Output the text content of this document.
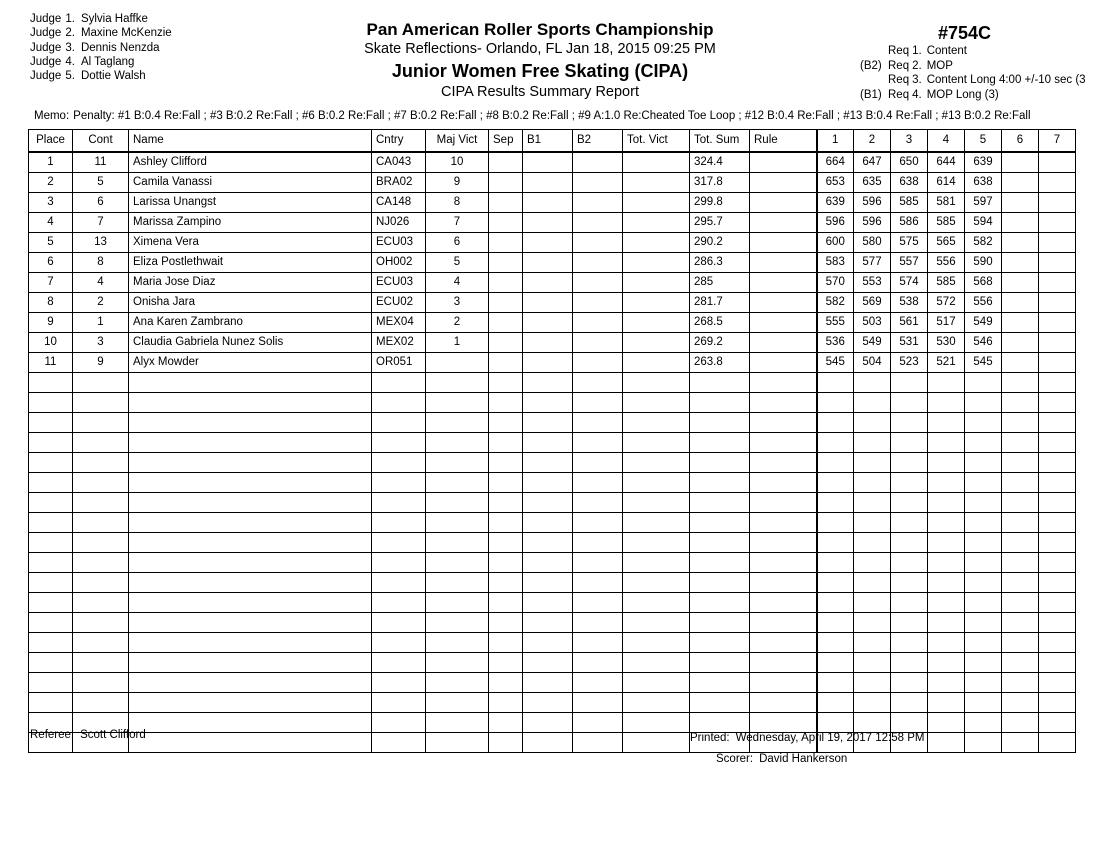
Judge 1. Sylvia Haffke
Judge 2. Maxine McKenzie
Judge 3. Dennis Nenzda
Judge 4. Al Taglang
Judge 5. Dottie Walsh
Pan American Roller Sports Championship
Skate Reflections- Orlando, FL Jan 18, 2015 09:25 PM
Junior Women Free Skating (CIPA)
CIPA Results Summary Report
#754C
Req 1. Content
(B2) Req 2. MOP
Req 3. Content Long 4:00 +/-10 sec (3
(B1) Req 4. MOP Long (3)
Memo: Penalty: #1 B:0.4 Re:Fall ; #3 B:0.2 Re:Fall ; #6 B:0.2 Re:Fall ; #7 B:0.2 Re:Fall ; #8 B:0.2 Re:Fall ; #9 A:1.0 Re:Cheated Toe Loop ; #12 B:0.4 Re:Fall ; #13 B:0.4 Re:Fall ; #13 B:0.2 Re:Fall
Place	Cont	Name	Cntry	Maj Vict	Sep	B1	B2	Tot. Vict	Tot. Sum	Rule	1	2	3	4	5	6	7
1	11	Ashley Clifford	CA043	10					324.4		664	647	650	644	639		
2	5	Camila Vanassi	BRA02	9					317.8		653	635	638	614	638		
3	6	Larissa Unangst	CA148	8					299.8		639	596	585	581	597		
4	7	Marissa Zampino	NJ026	7					295.7		596	596	586	585	594		
5	13	Ximena Vera	ECU03	6					290.2		600	580	575	565	582		
6	8	Eliza Postlethwait	OH002	5					286.3		583	577	557	556	590		
7	4	Maria Jose Diaz	ECU03	4					285		570	553	574	585	568		
8	2	Onisha Jara	ECU02	3					281.7		582	569	538	572	556		
9	1	Ana Karen Zambrano	MEX04	2					268.5		555	503	561	517	549		
10	3	Claudia Gabriela Nunez Solis	MEX02	1					269.2		536	549	531	530	546		
11	9	Alyx Mowder	OR051						263.8		545	504	523	521	545		

Referee: Scott Clifford	Printed: Wednesday, April 19, 2017 12:58 PM
Scorer: David Hankerson
